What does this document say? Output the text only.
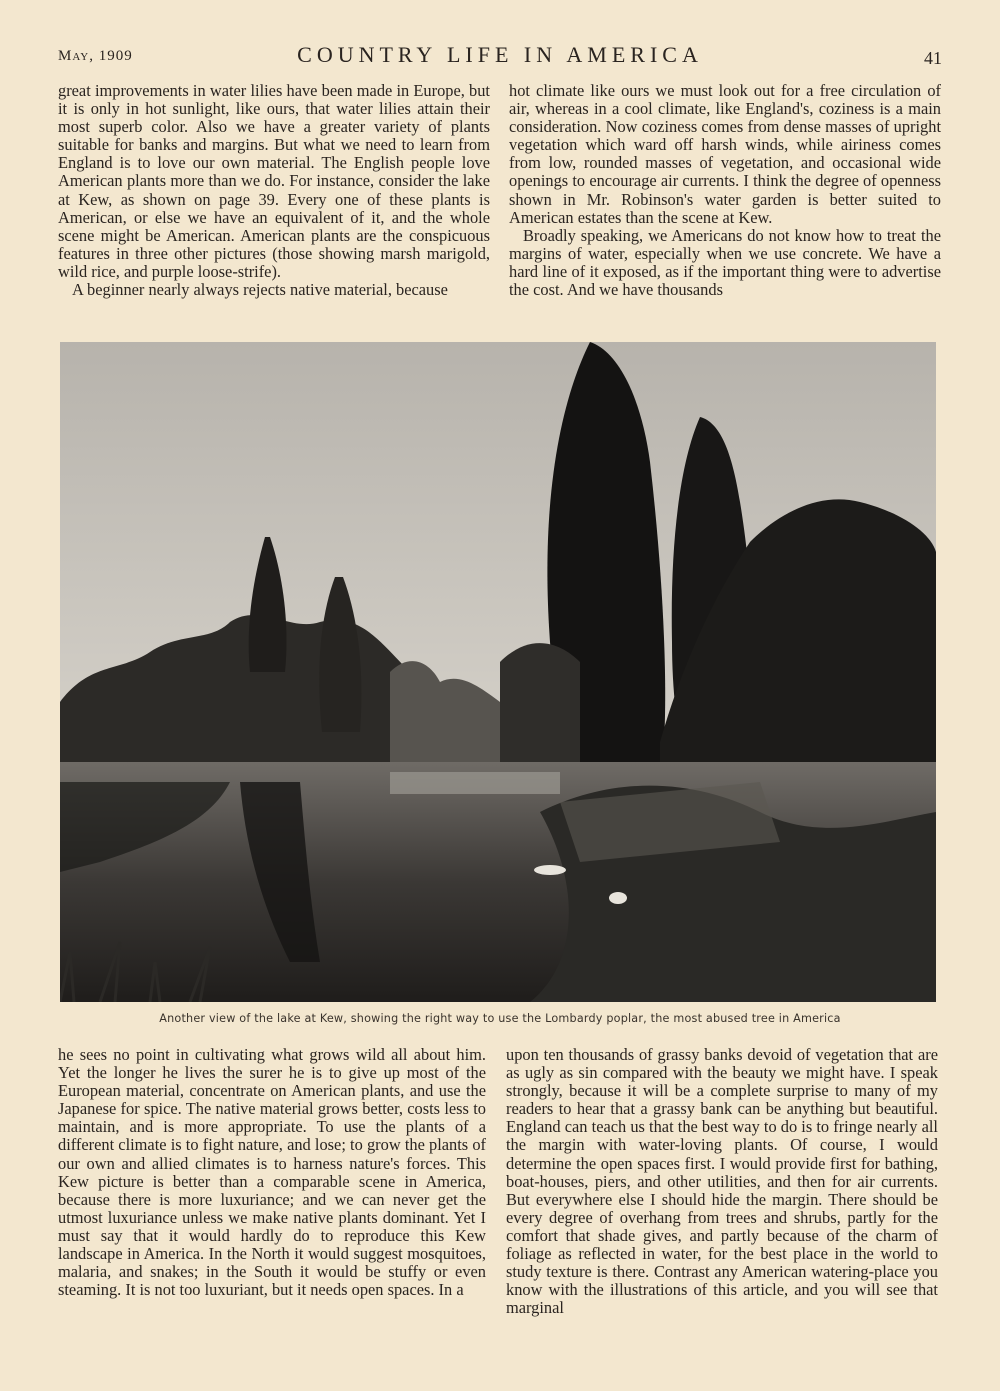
May, 1909	COUNTRY LIFE IN AMERICA	41

great improvements in water lilies have been made in Europe, but it is only in hot sunlight, like ours, that water lilies attain their most superb color. Also we have a greater variety of plants suitable for banks and margins. But what we need to learn from England is to love our own material. The English people love American plants more than we do. For instance, consider the lake at Kew, as shown on page 39. Every one of these plants is American, or else we have an equivalent of it, and the whole scene might be American. American plants are the conspicuous features in three other pictures (those showing marsh marigold, wild rice, and purple loose-strife).

A beginner nearly always rejects native material, because

hot climate like ours we must look out for a free circulation of air, whereas in a cool climate, like England's, coziness is a main consideration. Now coziness comes from dense masses of upright vegetation which ward off harsh winds, while airiness comes from low, rounded masses of vegetation, and occasional wide openings to encourage air currents. I think the degree of openness shown in Mr. Robinson's water garden is better suited to American estates than the scene at Kew.

Broadly speaking, we Americans do not know how to treat the margins of water, especially when we use concrete. We have a hard line of it exposed, as if the important thing were to advertise the cost. And we have thousands

Another view of the lake at Kew, showing the right way to use the Lombardy poplar, the most abused tree in America

he sees no point in cultivating what grows wild all about him. Yet the longer he lives the surer he is to give up most of the European material, concentrate on American plants, and use the Japanese for spice. The native material grows better, costs less to maintain, and is more appropriate. To use the plants of a different climate is to fight nature, and lose; to grow the plants of our own and allied climates is to harness nature's forces. This Kew picture is better than a comparable scene in America, because there is more luxuriance; and we can never get the utmost luxuriance unless we make native plants dominant. Yet I must say that it would hardly do to reproduce this Kew landscape in America. In the North it would suggest mosquitoes, malaria, and snakes; in the South it would be stuffy or even steaming. It is not too luxuriant, but it needs open spaces. In a

upon ten thousands of grassy banks devoid of vegetation that are as ugly as sin compared with the beauty we might have. I speak strongly, because it will be a complete surprise to many of my readers to hear that a grassy bank can be anything but beautiful. England can teach us that the best way to do is to fringe nearly all the margin with water-loving plants. Of course, I would determine the open spaces first. I would provide first for bathing, boat-houses, piers, and other utilities, and then for air currents. But everywhere else I should hide the margin. There should be every degree of overhang from trees and shrubs, partly for the comfort that shade gives, and partly because of the charm of foliage as reflected in water, for the best place in the world to study texture is there. Contrast any American watering-place you know with the illustrations of this article, and you will see that marginal
